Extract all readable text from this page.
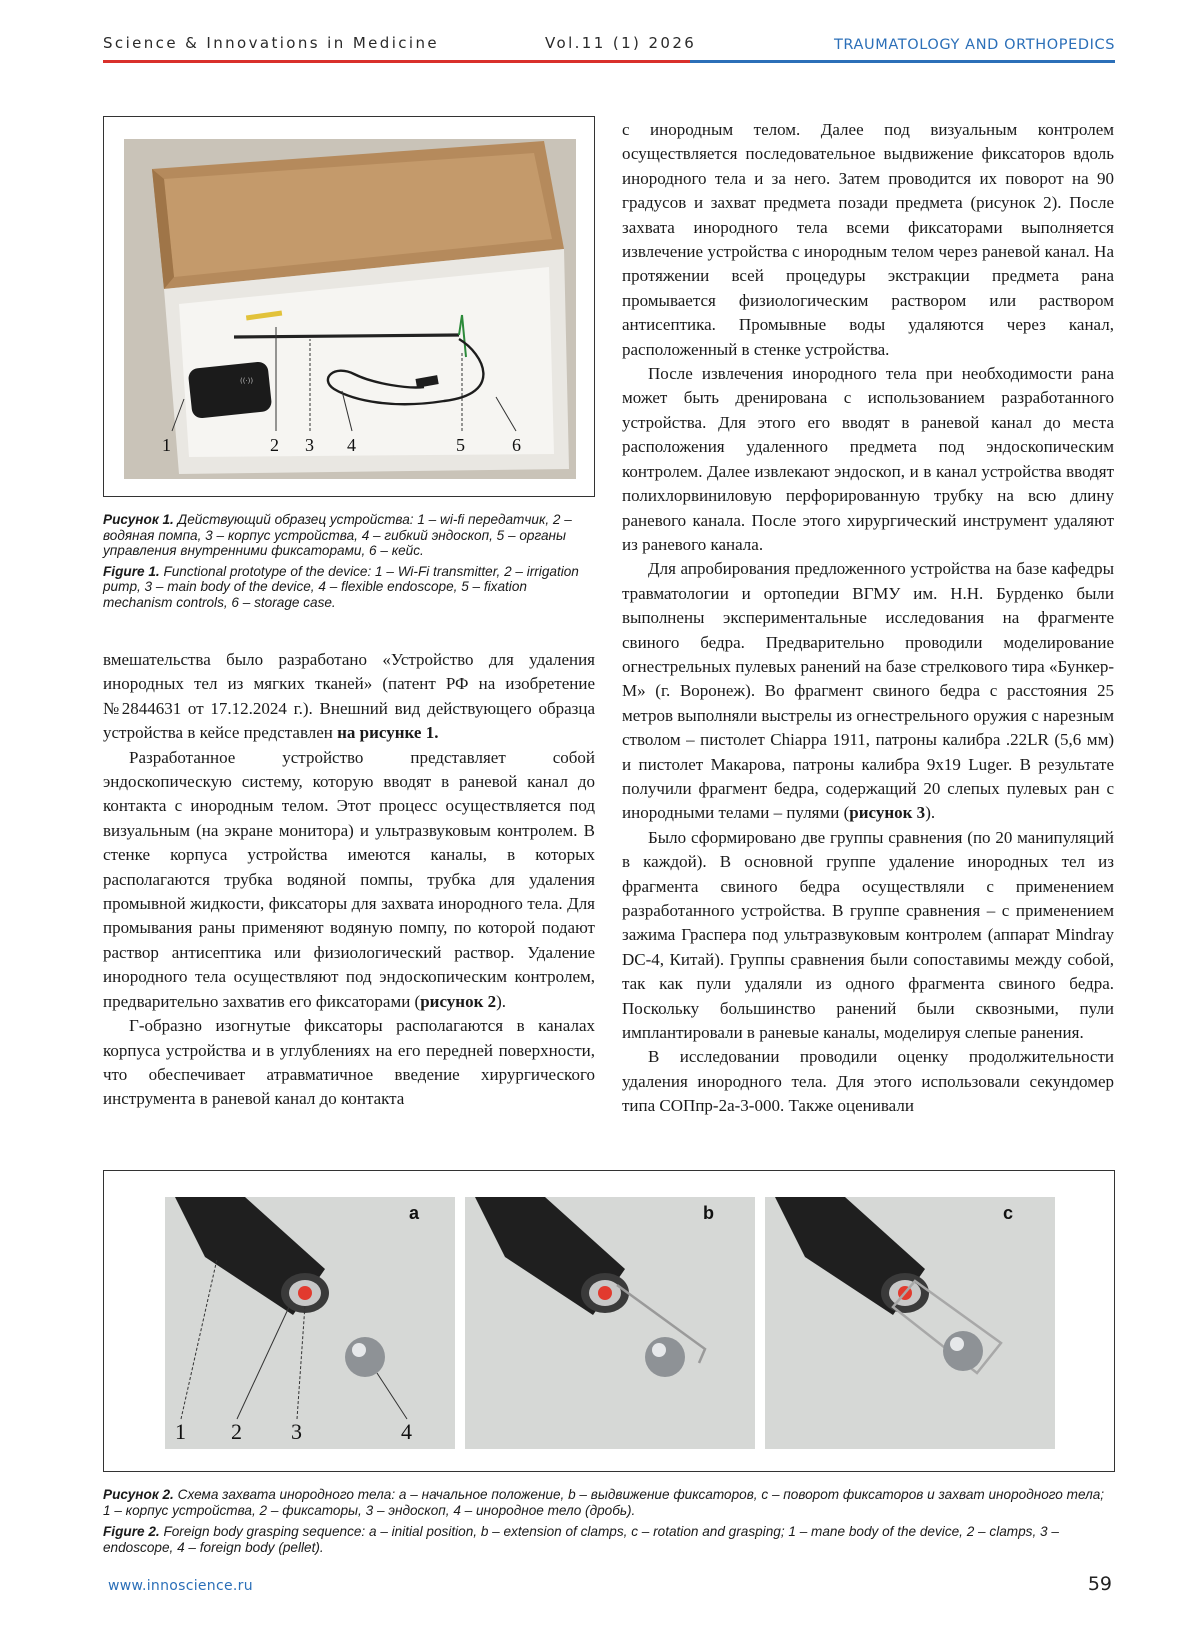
Science & Innovations in Medicine	Vol.11 (1) 2026	TRAUMATOLOGY AND ORTHOPEDICS
((·))
1	2 3 4	5	6

Рисунок 1. Действующий образец устройства: 1 – wi-fi передатчик, 2 – водяная помпа, 3 – корпус устройства, 4 – гибкий эндоскоп, 5 – органы управления внутренними фиксаторами, 6 – кейс.

Figure 1. Functional prototype of the device: 1 – Wi-Fi transmitter, 2 – irrigation pump, 3 – main body of the device, 4 – flexible endoscope, 5 – fixation mechanism controls, 6 – storage case.

вмешательства было разработано «Устройство для удаления инородных тел из мягких тканей» (патент РФ на изобретение №2844631 от 17.12.2024 г.). Внешний вид действующего образца устройства в кейсе представлен на рисунке 1.

Разработанное устройство представляет собой эндоскопическую систему, которую вводят в раневой канал до контакта с инородным телом. Этот процесс осуществляется под визуальным (на экране монитора) и ультразвуковым контролем. В стенке корпуса устройства имеются каналы, в которых располагаются трубка водяной помпы, трубка для удаления промывной жидкости, фиксаторы для захвата инородного тела. Для промывания раны применяют водяную помпу, по которой подают раствор антисептика или физиологический раствор. Удаление инородного тела осуществляют под эндоскопическим контролем, предварительно захватив его фиксаторами (рисунок 2).

Г-образно изогнутые фиксаторы располагаются в каналах корпуса устройства и в углублениях на его передней поверхности, что обеспечивает атравматичное введение хирургического инструмента в раневой канал до контакта

с инородным телом. Далее под визуальным контролем осуществляется последовательное выдвижение фиксаторов вдоль инородного тела и за него. Затем проводится их поворот на 90 градусов и захват предмета позади предмета (рисунок 2). После захвата инородного тела всеми фиксаторами выполняется извлечение устройства с инородным телом через раневой канал. На протяжении всей процедуры экстракции предмета рана промывается физиологическим раствором или раствором антисептика. Промывные воды удаляются через канал, расположенный в стенке устройства.

После извлечения инородного тела при необходимости рана может быть дренирована с использованием разработанного устройства. Для этого его вводят в раневой канал до места расположения удаленного предмета под эндоскопическим контролем. Далее извлекают эндоскоп, и в канал устройства вводят полихлорвиниловую перфорированную трубку на всю длину раневого канала. После этого хирургический инструмент удаляют из раневого канала.

Для апробирования предложенного устройства на базе кафедры травматологии и ортопедии ВГМУ им. Н.Н. Бурденко были выполнены экспериментальные исследования на фрагменте свиного бедра. Предварительно проводили моделирование огнестрельных пулевых ранений на базе стрелкового тира «Бункер-М» (г. Воронеж). Во фрагмент свиного бедра с расстояния 25 метров выполняли выстрелы из огнестрельного оружия с нарезным стволом – пистолет Chiappa 1911, патроны калибра .22LR (5,6 мм) и пистолет Макарова, патроны калибра 9х19 Luger. В результате получили фрагмент бедра, содержащий 20 слепых пулевых ран с инородными телами – пулями (рисунок 3).

Было сформировано две группы сравнения (по 20 манипуляций в каждой). В основной группе удаление инородных тел из фрагмента свиного бедра осуществляли с применением разработанного устройства. В группе сравнения – с применением зажима Граспера под ультразвуковым контролем (аппарат Mindray DC-4, Китай). Группы сравнения были сопоставимы между собой, так как пули удаляли из одного фрагмента свиного бедра. Поскольку большинство ранений были сквозными, пули имплантировали в раневые каналы, моделируя слепые ранения.

В исследовании проводили оценку продолжительности удаления инородного тела. Для этого использовали секундомер типа СОПпр-2а-3-000. Также оценивали

1 2 3	4
a	b	c

Рисунок 2. Схема захвата инородного тела: a – начальное положение, b – выдвижение фиксаторов, c – поворот фиксаторов и захват инородного тела; 1 – корпус устройства, 2 – фиксаторы, 3 – эндоскоп, 4 – инородное тело (дробь).

Figure 2. Foreign body grasping sequence: a – initial position, b – extension of clamps, c – rotation and grasping; 1 – mane body of the device, 2 – clamps, 3 – endoscope, 4 – foreign body (pellet).

www.innoscience.ru	59
